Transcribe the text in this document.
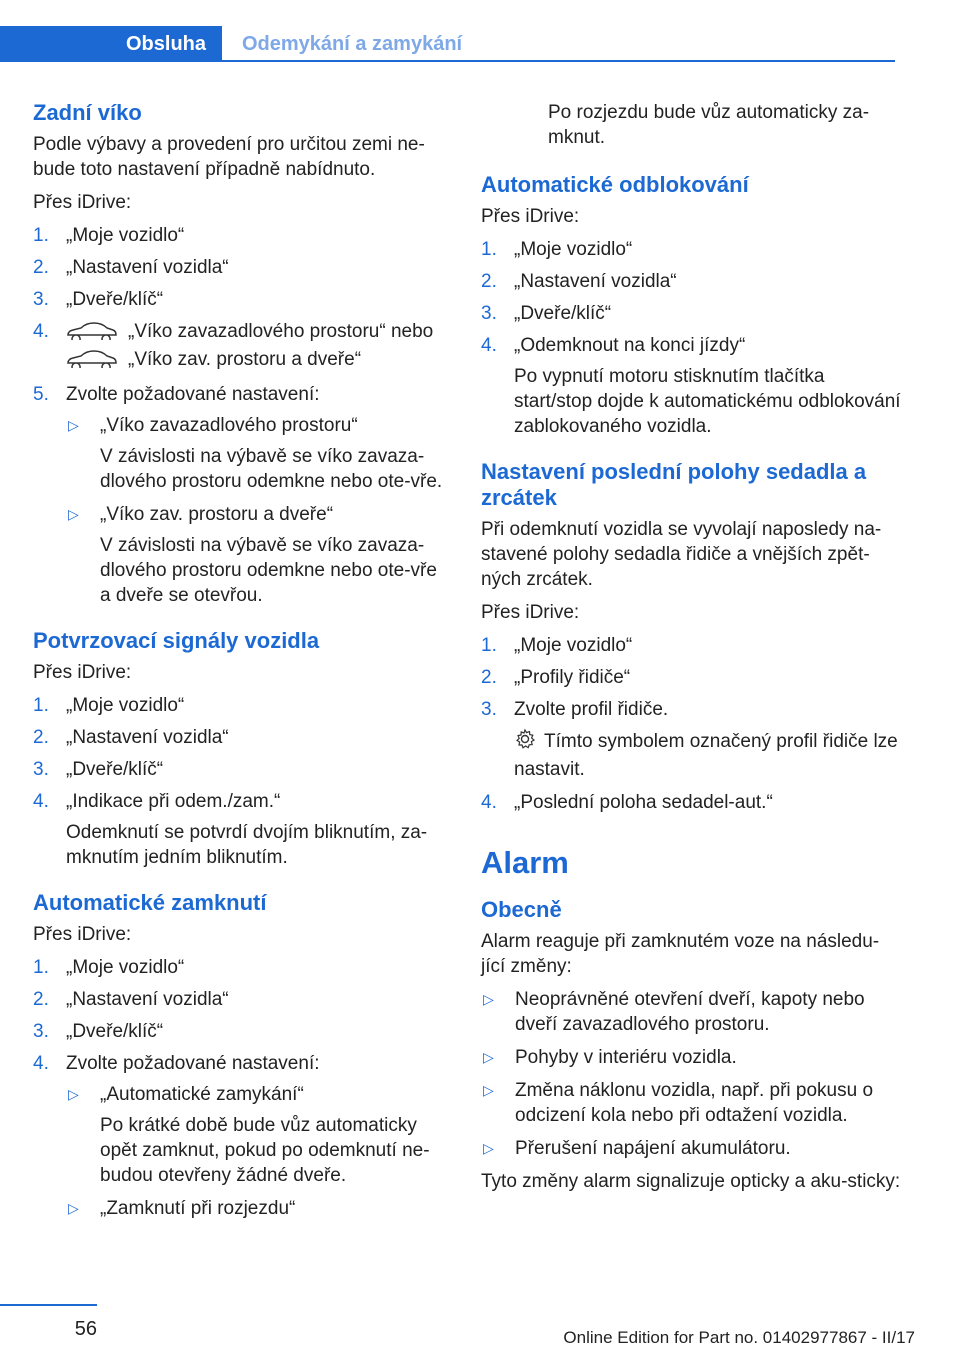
Obsluha Odemykání a zamykání
Zadní víko

Podle výbavy a provedení pro určitou zemi ne‐bude toto nastavení případně nabídnuto.

Přes iDrive:

1. „Moje vozidlo“
2. „Nastavení vozidla“
3. „Dveře/klíč“
4.	„Víko zavazadlového prostoru“ nebo
„Víko zav. prostoru a dveře“
5. Zvolte požadované nastavení:
▷ „Víko zavazadlového prostoru“

V závislosti na výbavě se víko zavaza‐dlového prostoru odemkne nebo ote‐vře.

▷ „Víko zav. prostoru a dveře“

V závislosti na výbavě se víko zavaza‐dlového prostoru odemkne nebo ote‐vře a dveře se otevřou.

Potvrzovací signály vozidla

Přes iDrive:

1. „Moje vozidlo“
2. „Nastavení vozidla“
3. „Dveře/klíč“
4. „Indikace při odem./zam.“

Odemknutí se potvrdí dvojím bliknutím, za‐mknutím jedním bliknutím.

Automatické zamknutí

Přes iDrive:

1. „Moje vozidlo“
2. „Nastavení vozidla“
3. „Dveře/klíč“
4. Zvolte požadované nastavení:
▷ „Automatické zamykání“

Po krátké době bude vůz automaticky opět zamknut, pokud po odemknutí ne‐budou otevřeny žádné dveře.

▷ „Zamknutí při rozjezdu“

Po rozjezdu bude vůz automaticky za‐mknut.

Automatické odblokování

Přes iDrive:

1. „Moje vozidlo“
2. „Nastavení vozidla“
3. „Dveře/klíč“
4. „Odemknout na konci jízdy“

Po vypnutí motoru stisknutím tlačítka start/stop dojde k automatickému odblokování zablokovaného vozidla.

Nastavení poslední polohy sedadla a zrcátek

Při odemknutí vozidla se vyvolají naposledy na‐stavené polohy sedadla řidiče a vnějších zpět‐ných zrcátek.

Přes iDrive:

1. „Moje vozidlo“
2. „Profily řidiče“
3. Zvolte profil řidiče.

Tímto symbolem označený profil řidiče lze nastavit.

4. „Poslední poloha sedadel-aut.“
Alarm
Obecně

Alarm reaguje při zamknutém voze na následu‐jící změny:

▷ Neoprávněné otevření dveří, kapoty nebo dveří zavazadlového prostoru.
▷ Pohyby v interiéru vozidla.
▷ Změna náklonu vozidla, např. při pokusu o odcizení kola nebo při odtažení vozidla.
▷ Přerušení napájení akumulátoru.

Tyto změny alarm signalizuje opticky a aku‐sticky:

56	Online Edition for Part no. 01402977867 - II/17
